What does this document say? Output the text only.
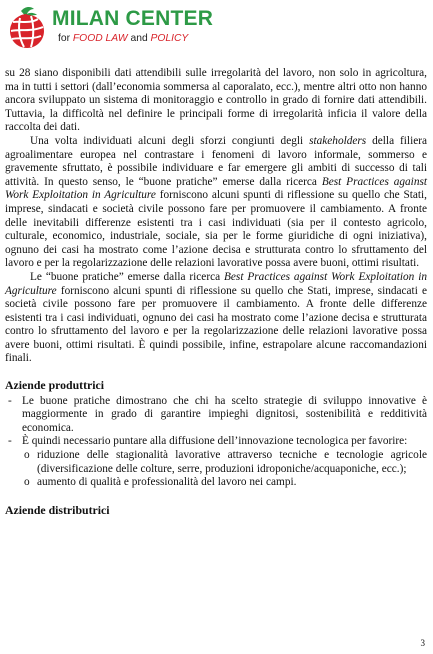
MILAN CENTER
for FOOD LAW and POLICY

su 28 siano disponibili dati attendibili sulle irregolarità del lavoro, non solo in agricoltura, ma in tutti i settori (dall’economia sommersa al caporalato, ecc.), mentre altri otto non hanno ancora sviluppato un sistema di monitoraggio e controllo in grado di fornire dati attendibili. Tuttavia, la difficoltà nel definire le principali forme di irregolarità inficia il valore della raccolta dei dati.

Una volta individuati alcuni degli sforzi congiunti degli stakeholders della filiera agroalimentare europea nel contrastare i fenomeni di lavoro informale, sommerso e gravemente sfruttato, è possibile individuare e far emergere gli ambiti di successo di tali attività. In questo senso, le “buone pratiche” emerse dalla ricerca Best Practices against Work Exploitation in Agriculture forniscono alcuni spunti di riflessione su quello che Stati, imprese, sindacati e società civile possono fare per promuovere il cambiamento. A fronte delle inevitabili differenze esistenti tra i casi individuati (sia per il contesto agricolo, culturale, economico, industriale, sociale, sia per le forme giuridiche di ogni iniziativa), ognuno dei casi ha mostrato come l’azione decisa e strutturata contro lo sfruttamento del lavoro e per la regolarizzazione delle relazioni lavorative possa avere buoni, ottimi risultati.

Le “buone pratiche” emerse dalla ricerca Best Practices against Work Exploitation in Agriculture forniscono alcuni spunti di riflessione su quello che Stati, imprese, sindacati e società civile possono fare per promuovere il cambiamento. A fronte delle differenze esistenti tra i casi individuati, ognuno dei casi ha mostrato come l’azione decisa e strutturata contro lo sfruttamento del lavoro e per la regolarizzazione delle relazioni lavorative possa avere buoni, ottimi risultati. È quindi possibile, infine, estrapolare alcune raccomandazioni finali.

Aziende produttrici
- Le buone pratiche dimostrano che chi ha scelto strategie di sviluppo innovative è maggiormente in grado di garantire impieghi dignitosi, sostenibilità e redditività economica.
- È quindi necessario puntare alla diffusione dell’innovazione tecnologica per favorire:
o riduzione delle stagionalità lavorative attraverso tecniche e tecnologie agricole (diversificazione delle colture, serre, produzioni idroponiche/acquaponiche, ecc.);
o aumento di qualità e professionalità del lavoro nei campi.
Aziende distributrici
3
